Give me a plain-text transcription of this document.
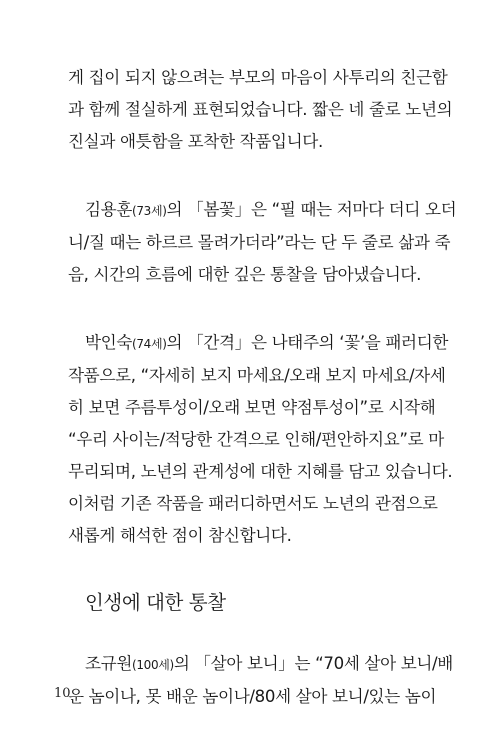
게 집이 되지 않으려는 부모의 마음이 사투리의 친근함
과 함께 절실하게 표현되었습니다. 짧은 네 줄로 노년의
진실과 애틋함을 포착한 작품입니다.

김용훈(73세)의 「봄꽃」은 “필 때는 저마다 더디 오더
니/질 때는 하르르 몰려가더라”라는 단 두 줄로 삶과 죽
음, 시간의 흐름에 대한 깊은 통찰을 담아냈습니다.

박인숙(74세)의 「간격」은 나태주의 ‘꽃’을 패러디한
작품으로, “자세히 보지 마세요/오래 보지 마세요/자세
히 보면 주름투성이/오래 보면 약점투성이”로 시작해
“우리 사이는/적당한 간격으로 인해/편안하지요”로 마
무리되며, 노년의 관계성에 대한 지혜를 담고 있습니다.
이처럼 기존 작품을 패러디하면서도 노년의 관점으로
새롭게 해석한 점이 참신합니다.

인생에 대한 통찰

조규원(100세)의 「살아 보니」는 “70세 살아 보니/배
운 놈이나, 못 배운 놈이나/80세 살아 보니/있는 놈이

10
